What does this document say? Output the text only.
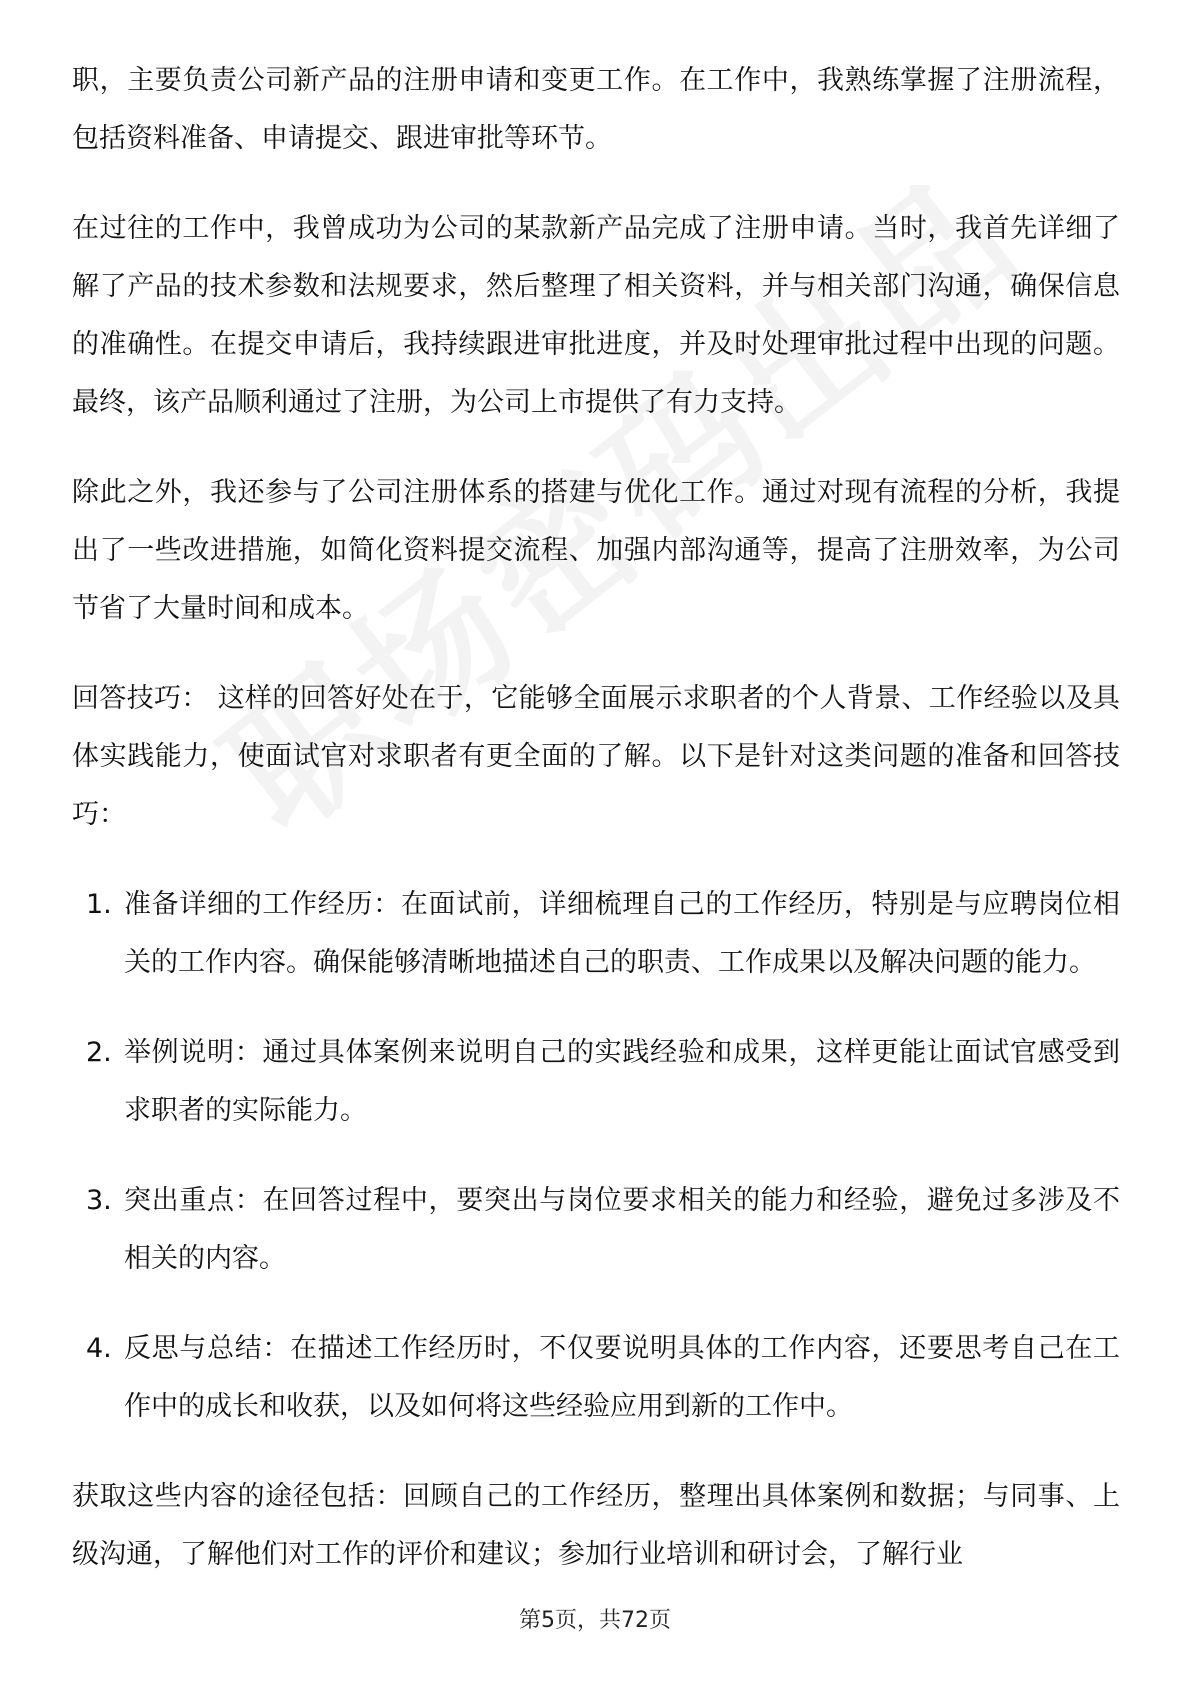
职，主要负责公司新产品的注册申请和变更工作。在工作中，我熟练掌握了注册流程，包括资料准备、申请提交、跟进审批等环节。

在过往的工作中，我曾成功为公司的某款新产品完成了注册申请。当时，我首先详细了解了产品的技术参数和法规要求，然后整理了相关资料，并与相关部门沟通，确保信息的准确性。在提交申请后，我持续跟进审批进度，并及时处理审批过程中出现的问题。最终，该产品顺利通过了注册，为公司上市提供了有力支持。

除此之外，我还参与了公司注册体系的搭建与优化工作。通过对现有流程的分析，我提出了一些改进措施，如简化资料提交流程、加强内部沟通等，提高了注册效率，为公司节省了大量时间和成本。

回答技巧： 这样的回答好处在于，它能够全面展示求职者的个人背景、工作经验以及具体实践能力，使面试官对求职者有更全面的了解。以下是针对这类问题的准备和回答技巧：

1. 准备详细的工作经历：在面试前，详细梳理自己的工作经历，特别是与应聘岗位相关的工作内容。确保能够清晰地描述自己的职责、工作成果以及解决问题的能力。
2. 举例说明：通过具体案例来说明自己的实践经验和成果，这样更能让面试官感受到求职者的实际能力。
3. 突出重点：在回答过程中，要突出与岗位要求相关的能力和经验，避免过多涉及不相关的内容。
4. 反思与总结：在描述工作经历时，不仅要说明具体的工作内容，还要思考自己在工作中的成长和收获，以及如何将这些经验应用到新的工作中。

获取这些内容的途径包括：回顾自己的工作经历，整理出具体案例和数据；与同事、上级沟通，了解他们对工作的评价和建议；参加行业培训和研讨会，了解行业

第5页，共72页
